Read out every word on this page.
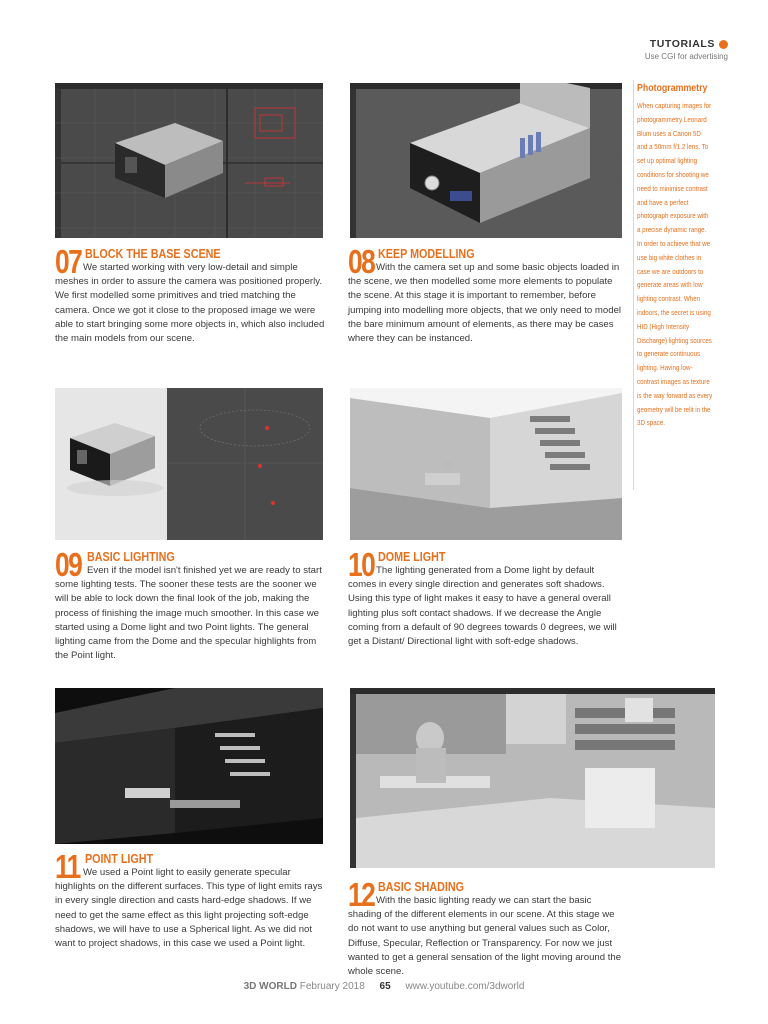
TUTORIALS
Use CGI for advertising
07 BLOCK THE BASE SCENE

We started working with very low-detail and simple meshes in order to assure the camera was positioned properly. We first modelled some primitives and tried matching the camera. Once we got it close to the proposed image we were able to start bringing some more objects in, which also included the main models from our scene.

08 KEEP MODELLING

With the camera set up and some basic objects loaded in the scene, we then modelled some more elements to populate the scene. At this stage it is important to remember, before jumping into modelling more objects, that we only need to model the bare minimum amount of elements, as there may be cases where they can be instanced.

09 BASIC LIGHTING

Even if the model isn't finished yet we are ready to start some lighting tests. The sooner these tests are the sooner we will be able to lock down the final look of the job, making the process of finishing the image much smoother. In this case we started using a Dome light and two Point lights. The general lighting came from the Dome and the specular highlights from the Point light.

10 DOME LIGHT

The lighting generated from a Dome light by default comes in every single direction and generates soft shadows. Using this type of light makes it easy to have a general overall lighting plus soft contact shadows. If we decrease the Angle coming from a default of 90 degrees towards 0 degrees, we will get a Distant/ Directional light with soft-edge shadows.

11 POINT LIGHT

We used a Point light to easily generate specular highlights on the different surfaces. This type of light emits rays in every single direction and casts hard-edge shadows. If we need to get the same effect as this light projecting soft-edge shadows, we will have to use a Spherical light. As we did not want to project shadows, in this case we used a Point light.

12 BASIC SHADING

With the basic lighting ready we can start the basic shading of the different elements in our scene. At this stage we do not want to use anything but general values such as Color, Diffuse, Specular, Reflection or Transparency. For now we just wanted to get a general sensation of the light moving around the whole scene.

Photogrammetry
When capturing images for photogrammetry Leonard Blum uses a Canon 5D and a 50mm f/1.2 lens. To set up optimal lighting conditions for shooting we need to minimise contrast and have a perfect photograph exposure with a precise dynamic range. In order to achieve that we use big white clothes in case we are outdoors to generate areas with low lighting contrast. When indoors, the secret is using HID (High Intensity Discharge) lighting sources to generate continuous lighting. Having low-contrast images as texture is the way forward as every geometry will be relit in the 3D space.
3D WORLD February 2018 65 www.youtube.com/3dworld
